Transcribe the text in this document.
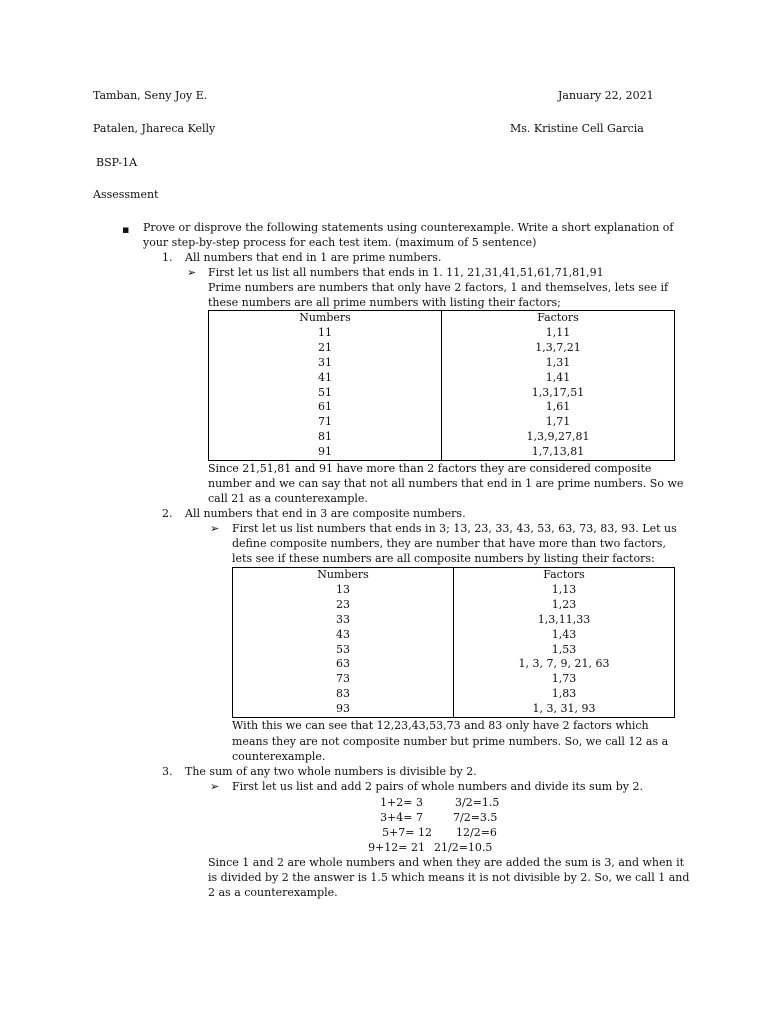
Tamban, Seny Joy E.	January 22, 2021
Patalen, Jhareca Kelly	Ms. Kristine Cell Garcia
BSP-1A
Assessment
▪ Prove or disprove the following statements using counterexample. Write a short explanation of
your step-by-step process for each test item. (maximum of 5 sentence)
1. All numbers that end in 1 are prime numbers.
➢ First let us list all numbers that ends in 1. 11, 21,31,41,51,61,71,81,91
Prime numbers are numbers that only have 2 factors, 1 and themselves, lets see if
these numbers are all prime numbers with listing their factors;
Numbers	Factors
11	1,11
21	1,3,7,21
31	1,31
41	1,41
51	1,3,17,51
61	1,61
71	1,71
81	1,3,9,27,81
91	1,7,13,81
Since 21,51,81 and 91 have more than 2 factors they are considered composite
number and we can say that not all numbers that end in 1 are prime numbers. So we
call 21 as a counterexample.
2. All numbers that end in 3 are composite numbers.
➢ First let us list numbers that ends in 3; 13, 23, 33, 43, 53, 63, 73, 83, 93. Let us
define composite numbers, they are number that have more than two factors,
lets see if these numbers are all composite numbers by listing their factors:
Numbers	Factors
13	1,13
23	1,23
33	1,3,11,33
43	1,43
53	1,53
63	1, 3, 7, 9, 21, 63
73	1,73
83	1,83
93	1, 3, 31, 93
With this we can see that 12,23,43,53,73 and 83 only have 2 factors which
means they are not composite number but prime numbers. So, we call 12 as a
counterexample.
3. The sum of any two whole numbers is divisible by 2.
➢ First let us list and add 2 pairs of whole numbers and divide its sum by 2.
1+2= 3	3/2=1.5
3+4= 7	7/2=3.5
5+7= 12 12/2=6
9+12= 21 21/2=10.5
Since 1 and 2 are whole numbers and when they are added the sum is 3, and when it
is divided by 2 the answer is 1.5 which means it is not divisible by 2. So, we call 1 and
2 as a counterexample.
